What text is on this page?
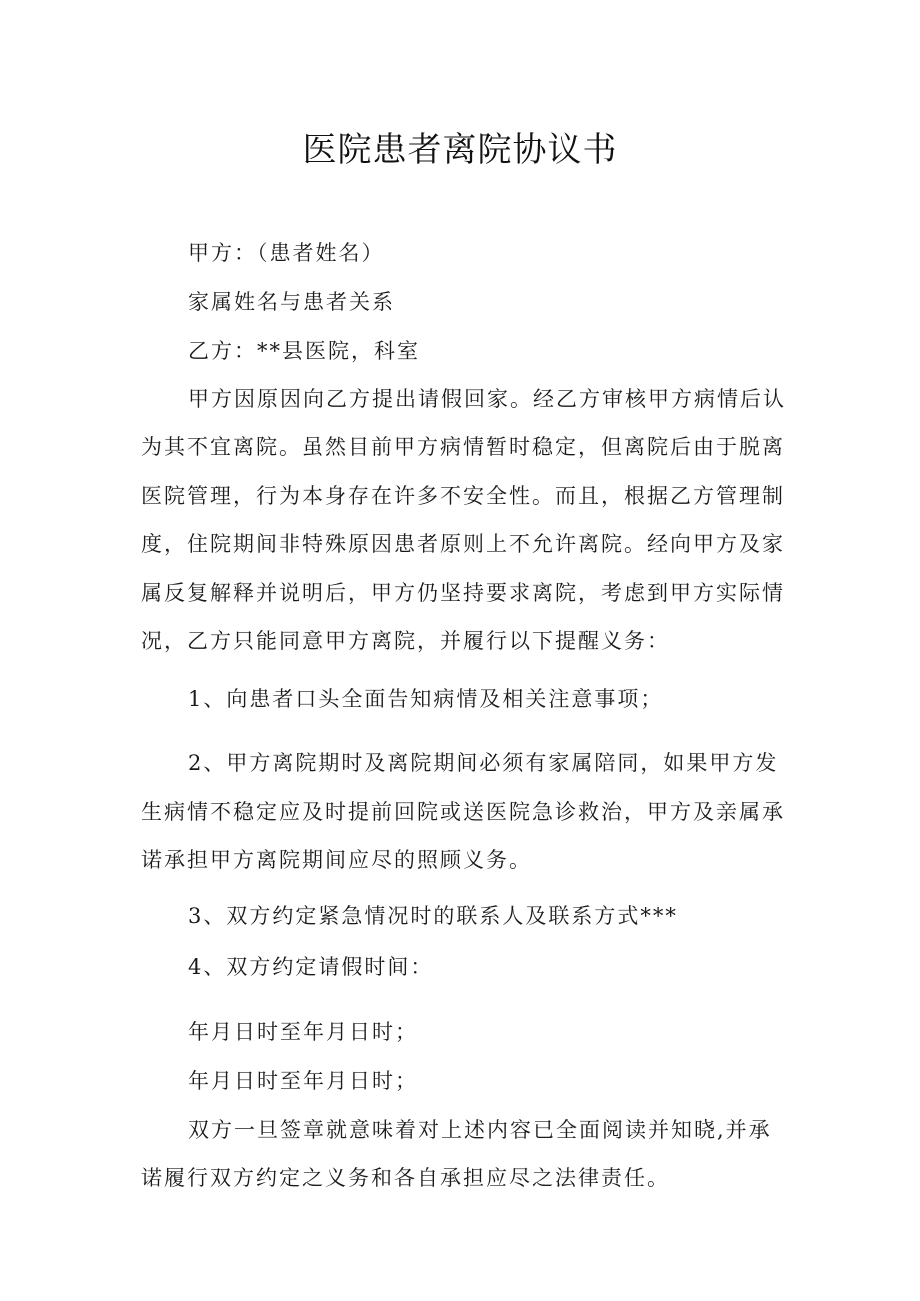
医院患者离院协议书
甲方：（患者姓名）
家属姓名与患者关系
乙方：**县医院，科室
甲方因原因向乙方提出请假回家。经乙方审核甲方病情后认
为其不宜离院。虽然目前甲方病情暂时稳定，但离院后由于脱离
医院管理，行为本身存在许多不安全性。而且，根据乙方管理制
度，住院期间非特殊原因患者原则上不允许离院。经向甲方及家
属反复解释并说明后，甲方仍坚持要求离院，考虑到甲方实际情
况，乙方只能同意甲方离院，并履行以下提醒义务：
1、向患者口头全面告知病情及相关注意事项；
2、甲方离院期时及离院期间必须有家属陪同，如果甲方发
生病情不稳定应及时提前回院或送医院急诊救治，甲方及亲属承
诺承担甲方离院期间应尽的照顾义务。
3、双方约定紧急情况时的联系人及联系方式***
4、双方约定请假时间：
年月日时至年月日时；
年月日时至年月日时；
双方一旦签章就意味着对上述内容已全面阅读并知晓,并承
诺履行双方约定之义务和各自承担应尽之法律责任。
